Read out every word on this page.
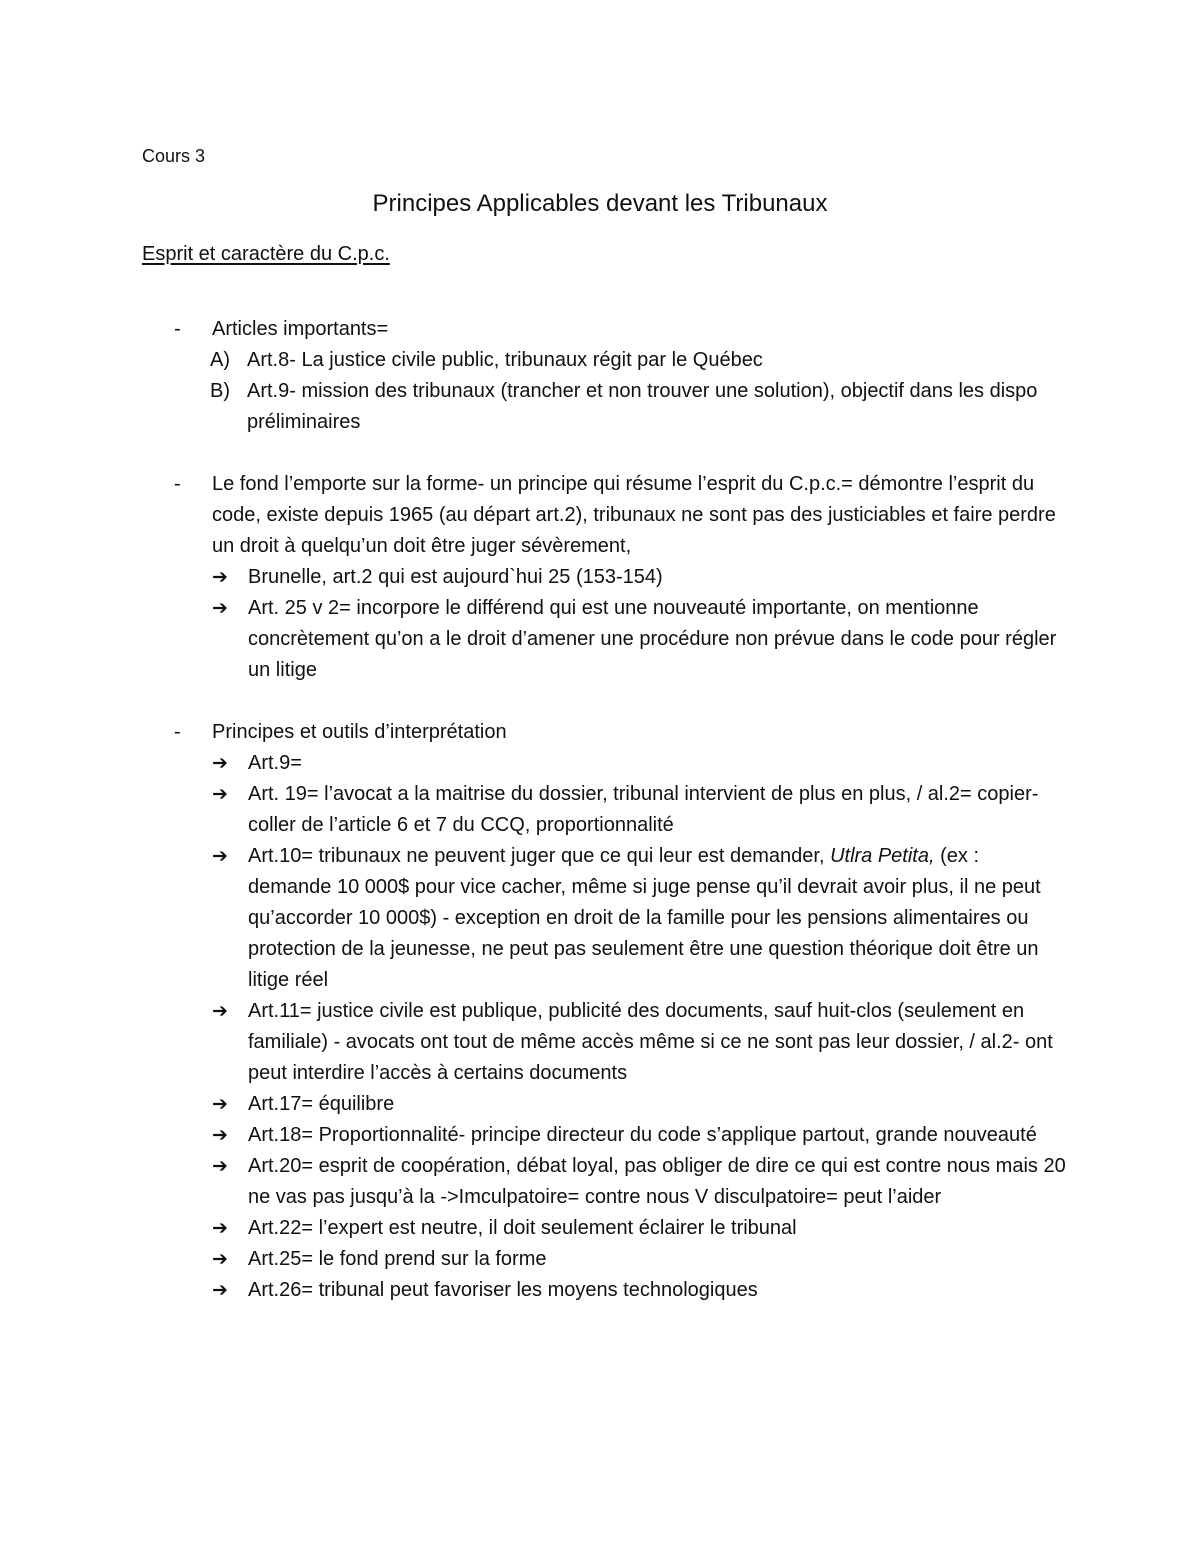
Cours 3
Principes Applicables devant les Tribunaux
Esprit et caractère du C.p.c.
- Articles importants=
A) Art.8- La justice civile public, tribunaux régit par le Québec
B) Art.9- mission des tribunaux (trancher et non trouver une solution), objectif dans les dispo préliminaires
- Le fond l’emporte sur la forme- un principe qui résume l’esprit du C.p.c.= démontre l’esprit du code, existe depuis 1965 (au départ art.2), tribunaux ne sont pas des justiciables et faire perdre un droit à quelqu’un doit être juger sévèrement,
➔ Brunelle, art.2 qui est aujourd`hui 25 (153-154)
➔ Art. 25 v 2= incorpore le différend qui est une nouveauté importante, on mentionne concrètement qu’on a le droit d’amener une procédure non prévue dans le code pour régler un litige
- Principes et outils d’interprétation
➔ Art.9=
➔ Art. 19= l’avocat a la maitrise du dossier, tribunal intervient de plus en plus, / al.2= copier-coller de l’article 6 et 7 du CCQ, proportionnalité
➔ Art.10= tribunaux ne peuvent juger que ce qui leur est demander, Utlra Petita, (ex : demande 10 000$ pour vice cacher, même si juge pense qu’il devrait avoir plus, il ne peut qu’accorder 10 000$) - exception en droit de la famille pour les pensions alimentaires ou protection de la jeunesse, ne peut pas seulement être une question théorique doit être un litige réel
➔ Art.11= justice civile est publique, publicité des documents, sauf huit-clos (seulement en familiale) - avocats ont tout de même accès même si ce ne sont pas leur dossier, / al.2- ont peut interdire l’accès à certains documents
➔ Art.17= équilibre
➔ Art.18= Proportionnalité- principe directeur du code s’applique partout, grande nouveauté
➔ Art.20= esprit de coopération, débat loyal, pas obliger de dire ce qui est contre nous mais 20 ne vas pas jusqu’à la ->Imculpatoire= contre nous V disculpatoire= peut l’aider
➔ Art.22= l’expert est neutre, il doit seulement éclairer le tribunal
➔ Art.25= le fond prend sur la forme
➔ Art.26= tribunal peut favoriser les moyens technologiques
